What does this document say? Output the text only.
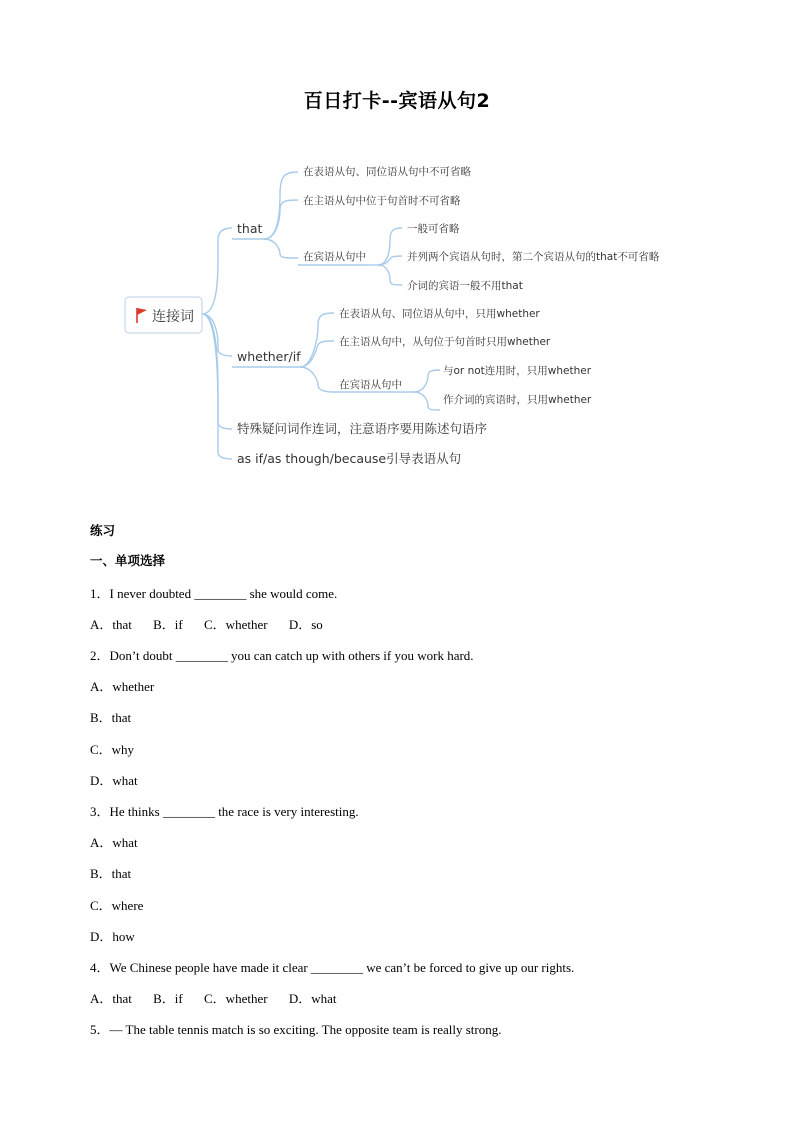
百日打卡--宾语从句2
连接词
that
在表语从句、同位语从句中不可省略
在主语从句中位于句首时不可省略
在宾语从句中
一般可省略
并列两个宾语从句时，第二个宾语从句的that不可省略
介词的宾语一般不用that
whether/if
在表语从句、同位语从句中，只用whether
在主语从句中，从句位于句首时只用whether
在宾语从句中
与or not连用时，只用whether
作介词的宾语时，只用whether
特殊疑问词作连词，注意语序要用陈述句语序
as if/as though/because引导表语从句
练习
一、单项选择
1．I never doubted ________ she would come.
A．that B．if C．whether D．so
2．Don’t doubt ________ you can catch up with others if you work hard.
A．whether
B．that
C．why
D．what
3．He thinks ________ the race is very interesting.
A．what
B．that
C．where
D．how
4．We Chinese people have made it clear ________ we can’t be forced to give up our rights.
A．that B．if C．whether D．what
5．— The table tennis match is so exciting. The opposite team is really strong.
